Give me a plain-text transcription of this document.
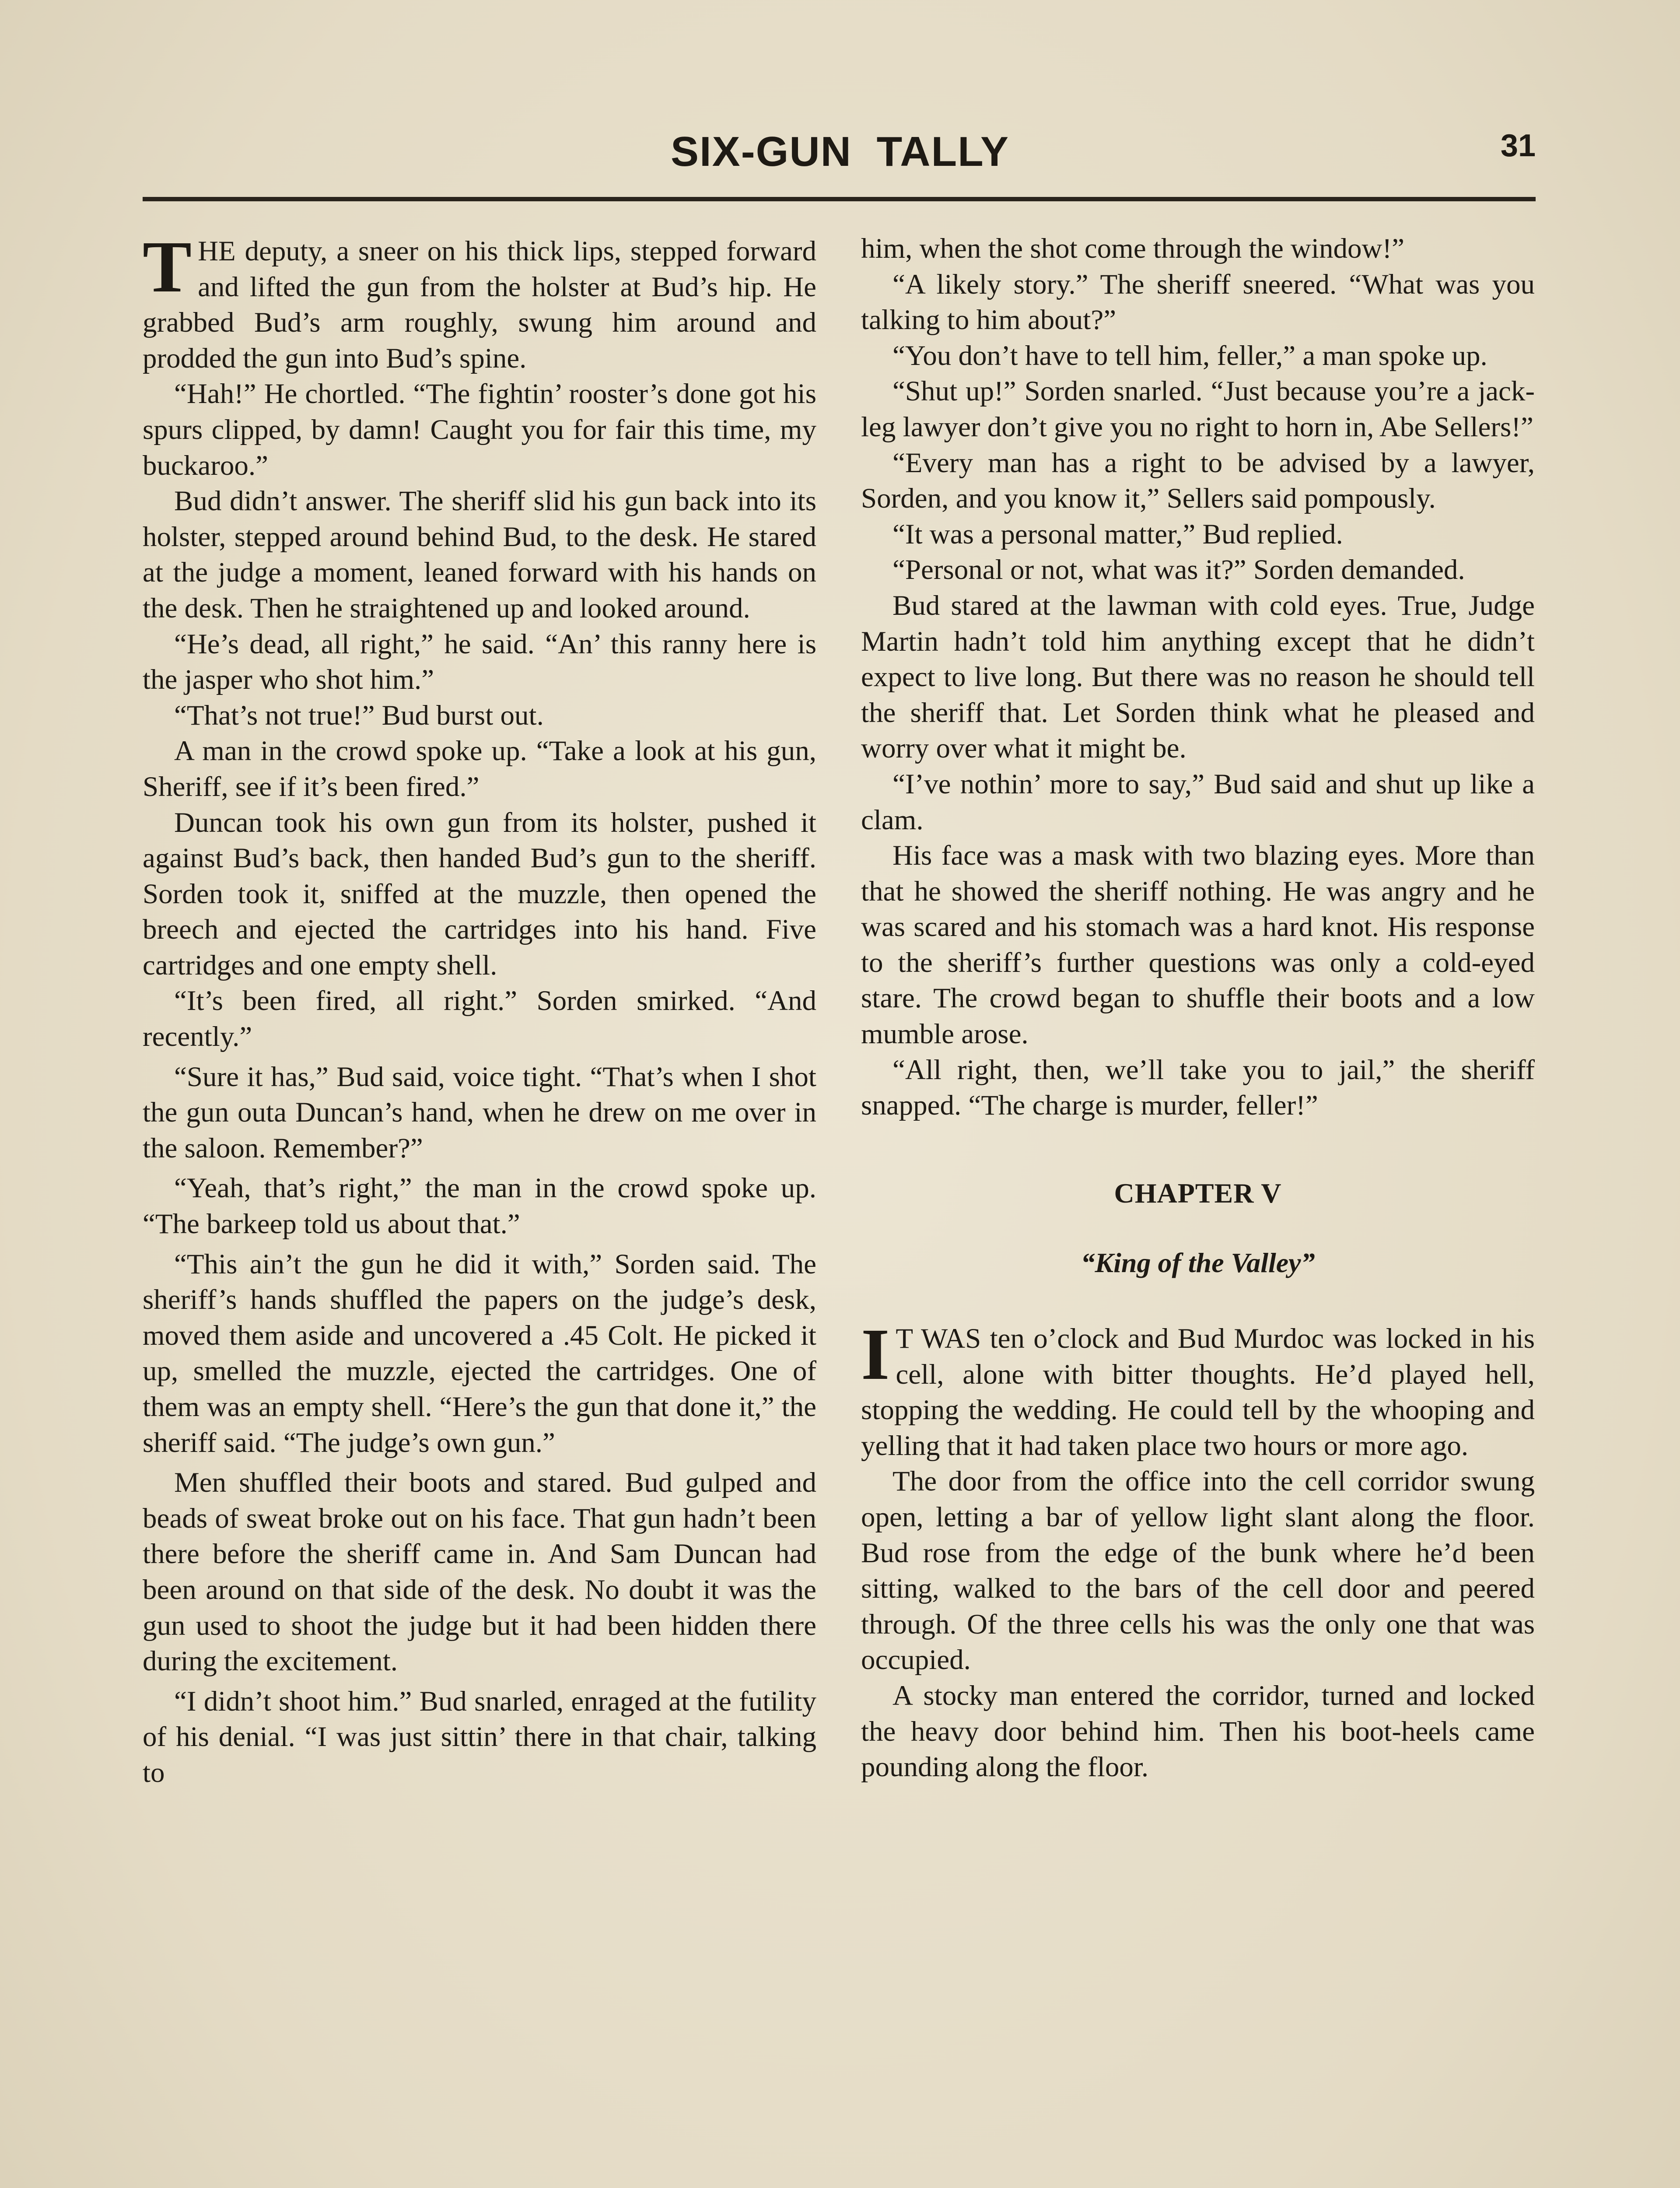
SIX-GUN TALLY	31

THE deputy, a sneer on his thick lips, stepped forward and lifted the gun from the holster at Bud’s hip. He grabbed Bud’s arm roughly, swung him around and prodded the gun into Bud’s spine.

“Hah!” He chortled. “The fightin’ rooster’s done got his spurs clipped, by damn! Caught you for fair this time, my buckaroo.”

Bud didn’t answer. The sheriff slid his gun back into its holster, stepped around behind Bud, to the desk. He stared at the judge a moment, leaned forward with his hands on the desk. Then he straightened up and looked around.

“He’s dead, all right,” he said. “An’ this ranny here is the jasper who shot him.”

“That’s not true!” Bud burst out.

A man in the crowd spoke up. “Take a look at his gun, Sheriff, see if it’s been fired.”

Duncan took his own gun from its holster, pushed it against Bud’s back, then handed Bud’s gun to the sheriff. Sorden took it, sniffed at the muzzle, then opened the breech and ejected the cartridges into his hand. Five cartridges and one empty shell.

“It’s been fired, all right.” Sorden smirked. “And recently.”

“Sure it has,” Bud said, voice tight. “That’s when I shot the gun outa Duncan’s hand, when he drew on me over in the saloon. Remember?”

“Yeah, that’s right,” the man in the crowd spoke up. “The barkeep told us about that.”

“This ain’t the gun he did it with,” Sorden said. The sheriff’s hands shuffled the papers on the judge’s desk, moved them aside and uncovered a .45 Colt. He picked it up, smelled the muzzle, ejected the cartridges. One of them was an empty shell. “Here’s the gun that done it,” the sheriff said. “The judge’s own gun.”

Men shuffled their boots and stared. Bud gulped and beads of sweat broke out on his face. That gun hadn’t been there before the sheriff came in. And Sam Duncan had been around on that side of the desk. No doubt it was the gun used to shoot the judge but it had been hidden there during the excitement.

“I didn’t shoot him.” Bud snarled, enraged at the futility of his denial. “I was just sittin’ there in that chair, talking to

him, when the shot come through the window!”

“A likely story.” The sheriff sneered. “What was you talking to him about?”

“You don’t have to tell him, feller,” a man spoke up.

“Shut up!” Sorden snarled. “Just because you’re a jack-leg lawyer don’t give you no right to horn in, Abe Sellers!”

“Every man has a right to be advised by a lawyer, Sorden, and you know it,” Sellers said pompously.

“It was a personal matter,” Bud replied.

“Personal or not, what was it?” Sorden demanded.

Bud stared at the lawman with cold eyes. True, Judge Martin hadn’t told him anything except that he didn’t expect to live long. But there was no reason he should tell the sheriff that. Let Sorden think what he pleased and worry over what it might be.

“I’ve nothin’ more to say,” Bud said and shut up like a clam.

His face was a mask with two blazing eyes. More than that he showed the sheriff nothing. He was angry and he was scared and his stomach was a hard knot. His response to the sheriff’s further questions was only a cold-eyed stare. The crowd began to shuffle their boots and a low mumble arose.

“All right, then, we’ll take you to jail,” the sheriff snapped. “The charge is murder, feller!”

CHAPTER V
“King of the Valley”

I T WAS ten o’clock and Bud Murdoc was locked in his cell, alone with bitter thoughts. He’d played hell, stopping the wedding. He could tell by the whooping and yelling that it had taken place two hours or more ago.

The door from the office into the cell corridor swung open, letting a bar of yellow light slant along the floor. Bud rose from the edge of the bunk where he’d been sitting, walked to the bars of the cell door and peered through. Of the three cells his was the only one that was occupied.

A stocky man entered the corridor, turned and locked the heavy door behind him. Then his boot-heels came pounding along the floor.
